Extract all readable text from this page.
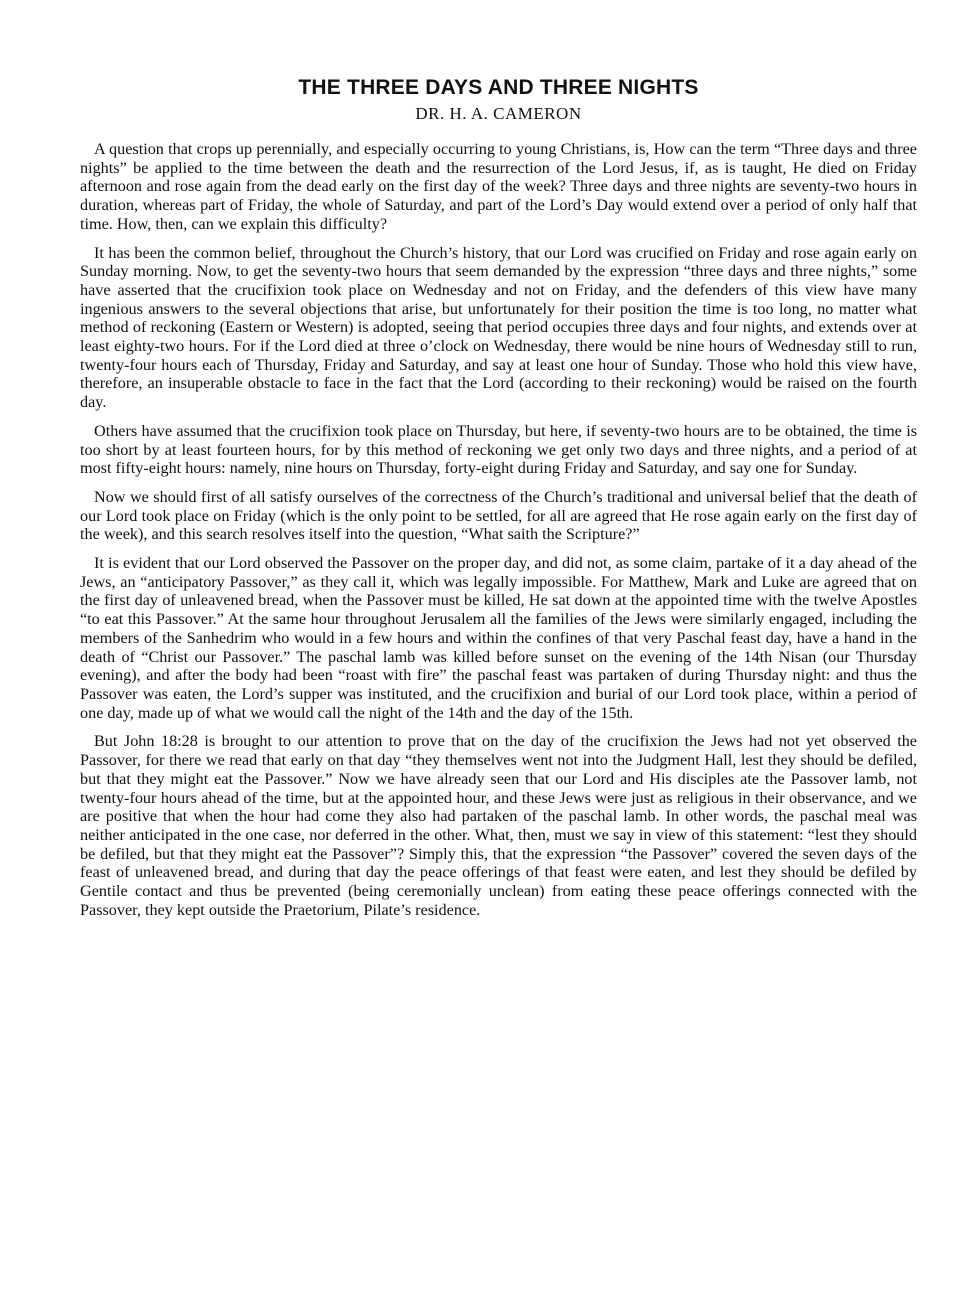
THE THREE DAYS AND THREE NIGHTS
DR. H. A. CAMERON

A question that crops up perennially, and especially occurring to young Christians, is, How can the term “Three days and three nights” be applied to the time between the death and the resurrection of the Lord Jesus, if, as is taught, He died on Friday afternoon and rose again from the dead early on the first day of the week? Three days and three nights are seventy-two hours in duration, whereas part of Friday, the whole of Saturday, and part of the Lord’s Day would extend over a period of only half that time. How, then, can we explain this difficulty?

It has been the common belief, throughout the Church’s history, that our Lord was crucified on Friday and rose again early on Sunday morning. Now, to get the seventy-two hours that seem demanded by the expression “three days and three nights,” some have asserted that the crucifixion took place on Wednesday and not on Friday, and the defenders of this view have many ingenious answers to the several objections that arise, but unfortunately for their position the time is too long, no matter what method of reckoning (Eastern or Western) is adopted, seeing that period occupies three days and four nights, and extends over at least eighty-two hours. For if the Lord died at three o’clock on Wednesday, there would be nine hours of Wednesday still to run, twenty-four hours each of Thursday, Friday and Saturday, and say at least one hour of Sunday. Those who hold this view have, therefore, an insuperable obstacle to face in the fact that the Lord (according to their reckoning) would be raised on the fourth day.

Others have assumed that the crucifixion took place on Thursday, but here, if seventy-two hours are to be obtained, the time is too short by at least fourteen hours, for by this method of reckoning we get only two days and three nights, and a period of at most fifty-eight hours: namely, nine hours on Thursday, forty-eight during Friday and Saturday, and say one for Sunday.

Now we should first of all satisfy ourselves of the correctness of the Church’s traditional and universal belief that the death of our Lord took place on Friday (which is the only point to be settled, for all are agreed that He rose again early on the first day of the week), and this search resolves itself into the question, “What saith the Scripture?”

It is evident that our Lord observed the Passover on the proper day, and did not, as some claim, partake of it a day ahead of the Jews, an “anticipatory Passover,” as they call it, which was legally impossible. For Matthew, Mark and Luke are agreed that on the first day of unleavened bread, when the Passover must be killed, He sat down at the appointed time with the twelve Apostles “to eat this Passover.” At the same hour throughout Jerusalem all the families of the Jews were similarly engaged, including the members of the Sanhedrim who would in a few hours and within the confines of that very Paschal feast day, have a hand in the death of “Christ our Passover.” The paschal lamb was killed before sunset on the evening of the 14th Nisan (our Thursday evening), and after the body had been “roast with fire” the paschal feast was partaken of during Thursday night: and thus the Passover was eaten, the Lord’s supper was instituted, and the crucifixion and burial of our Lord took place, within a period of one day, made up of what we would call the night of the 14th and the day of the 15th.

But John 18:28 is brought to our attention to prove that on the day of the crucifixion the Jews had not yet observed the Passover, for there we read that early on that day “they themselves went not into the Judgment Hall, lest they should be defiled, but that they might eat the Passover.” Now we have already seen that our Lord and His disciples ate the Passover lamb, not twenty-four hours ahead of the time, but at the appointed hour, and these Jews were just as religious in their observance, and we are positive that when the hour had come they also had partaken of the paschal lamb. In other words, the paschal meal was neither anticipated in the one case, nor deferred in the other. What, then, must we say in view of this statement: “lest they should be defiled, but that they might eat the Passover”? Simply this, that the expression “the Passover” covered the seven days of the feast of unleavened bread, and during that day the peace offerings of that feast were eaten, and lest they should be defiled by Gentile contact and thus be prevented (being ceremonially unclean) from eating these peace offerings connected with the Passover, they kept outside the Praetorium, Pilate’s residence.
